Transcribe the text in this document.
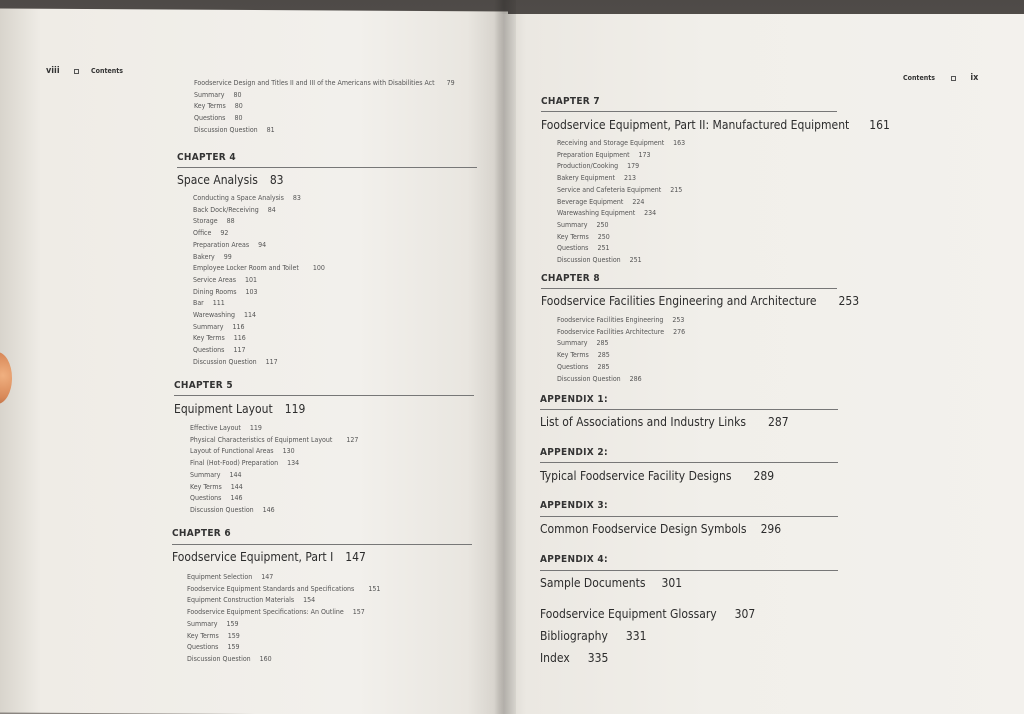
viii	Contents
Foodservice Design and Titles II and III of the Americans with Disabilities Act 79
Summary 80
Key Terms 80
Questions 80
Discussion Question 81
CHAPTER 4
Space Analysis 83
Conducting a Space Analysis 83
Back Dock/Receiving 84
Storage 88
Office 92
Preparation Areas 94
Bakery 99
Employee Locker Room and Toilet 100
Service Areas 101
Dining Rooms 103
Bar 111
Warewashing 114
Summary 116
Key Terms 116
Questions 117
Discussion Question 117
CHAPTER 5
Equipment Layout 119
Effective Layout 119
Physical Characteristics of Equipment Layout 127
Layout of Functional Areas 130
Final (Hot-Food) Preparation 134
Summary 144
Key Terms 144
Questions 146
Discussion Question 146
CHAPTER 6
Foodservice Equipment, Part I 147
Equipment Selection 147
Foodservice Equipment Standards and Specifications 151
Equipment Construction Materials 154
Foodservice Equipment Specifications: An Outline 157
Summary 159
Key Terms 159
Questions 159
Discussion Question 160
Contents	ix
CHAPTER 7
Foodservice Equipment, Part II: Manufactured Equipment 161
Receiving and Storage Equipment 163
Preparation Equipment 173
Production/Cooking 179
Bakery Equipment 213
Service and Cafeteria Equipment 215
Beverage Equipment 224
Warewashing Equipment 234
Summary 250
Key Terms 250
Questions 251
Discussion Question 251
CHAPTER 8
Foodservice Facilities Engineering and Architecture 253
Foodservice Facilities Engineering 253
Foodservice Facilities Architecture 276
Summary 285
Key Terms 285
Questions 285
Discussion Question 286
APPENDIX 1:
List of Associations and Industry Links 287
APPENDIX 2:
Typical Foodservice Facility Designs 289
APPENDIX 3:
Common Foodservice Design Symbols 296
APPENDIX 4:
Sample Documents 301
Foodservice Equipment Glossary 307
Bibliography 331
Index 335
